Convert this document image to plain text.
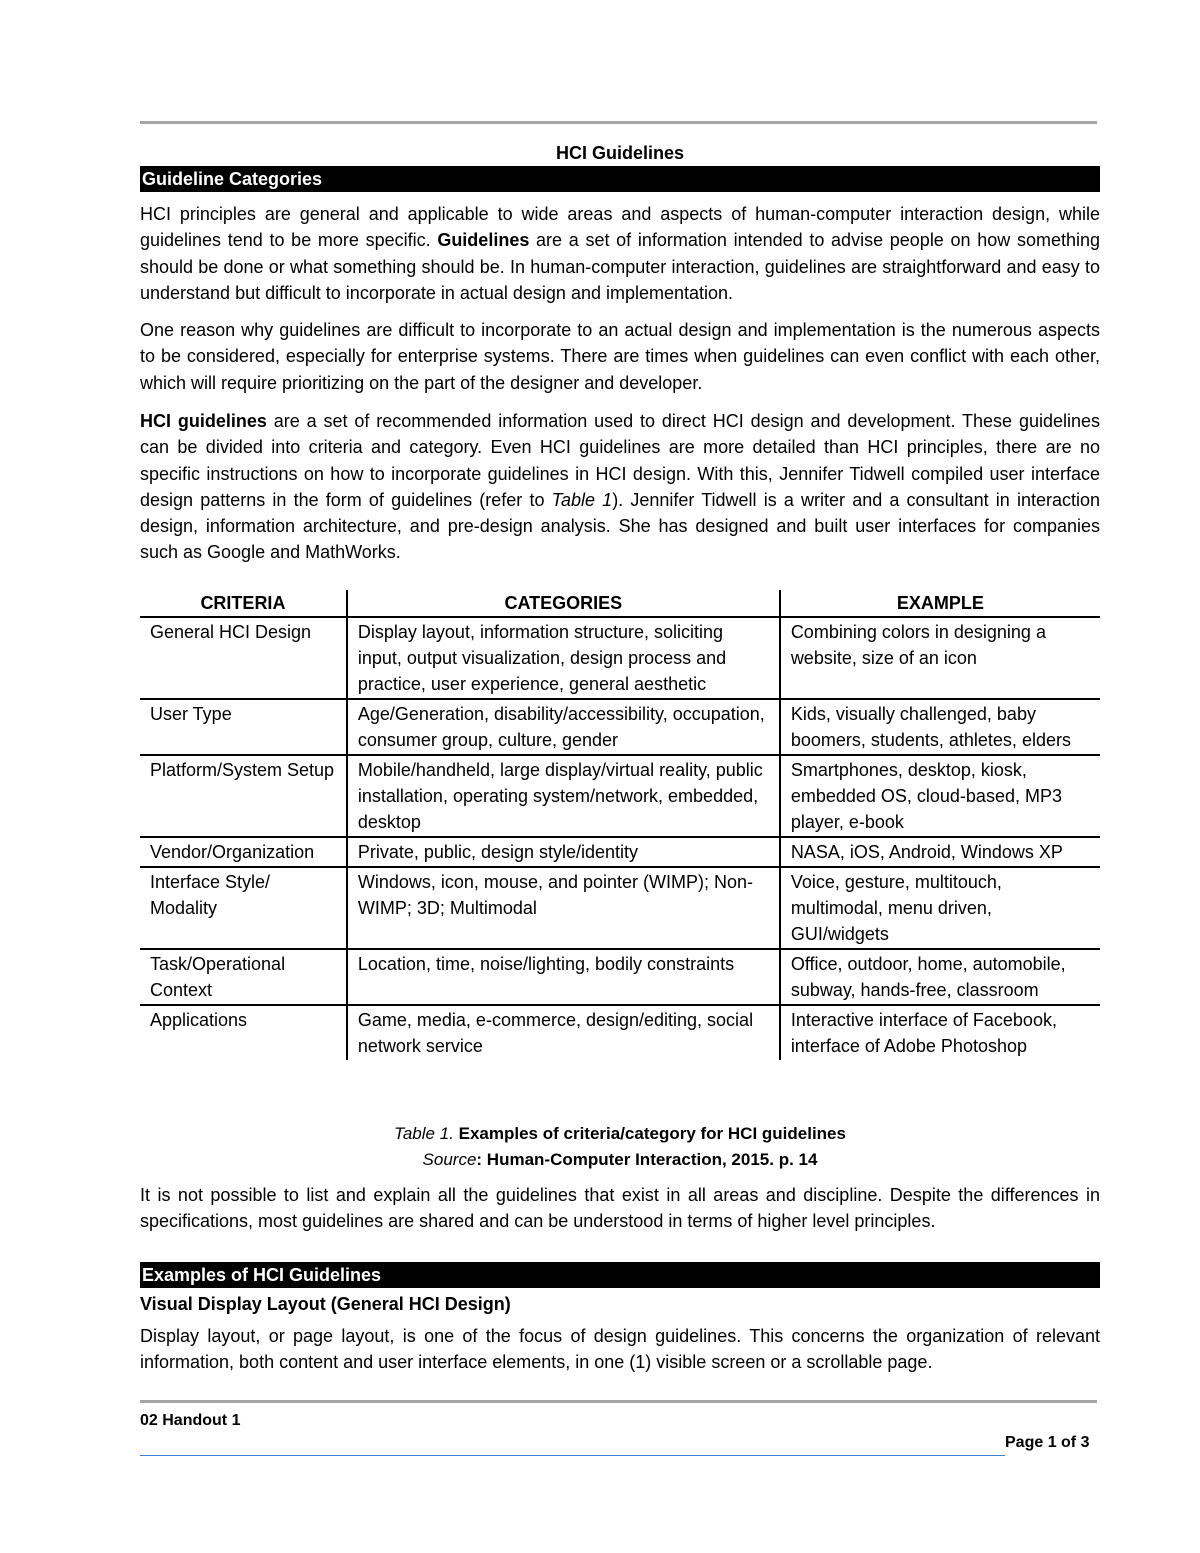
HCI Guidelines
Guideline Categories

HCI principles are general and applicable to wide areas and aspects of human-computer interaction design, while guidelines tend to be more specific. Guidelines are a set of information intended to advise people on how something should be done or what something should be. In human-computer interaction, guidelines are straightforward and easy to understand but difficult to incorporate in actual design and implementation.

One reason why guidelines are difficult to incorporate to an actual design and implementation is the numerous aspects to be considered, especially for enterprise systems. There are times when guidelines can even conflict with each other, which will require prioritizing on the part of the designer and developer.

HCI guidelines are a set of recommended information used to direct HCI design and development. These guidelines can be divided into criteria and category. Even HCI guidelines are more detailed than HCI principles, there are no specific instructions on how to incorporate guidelines in HCI design. With this, Jennifer Tidwell compiled user interface design patterns in the form of guidelines (refer to Table 1). Jennifer Tidwell is a writer and a consultant in interaction design, information architecture, and pre-design analysis. She has designed and built user interfaces for companies such as Google and MathWorks.

CRITERIA	CATEGORIES	EXAMPLE
General HCI Design	Display layout, information structure, soliciting input, output visualization, design process and practice, user experience, general aesthetic	Combining colors in designing a website, size of an icon
User Type	Age/Generation, disability/accessibility, occupation, consumer group, culture, gender	Kids, visually challenged, baby boomers, students, athletes, elders
Platform/System Setup	Mobile/handheld, large display/virtual reality, public installation, operating system/network, embedded, desktop	Smartphones, desktop, kiosk, embedded OS, cloud-based, MP3 player, e-book
Vendor/Organization	Private, public, design style/identity	NASA, iOS, Android, Windows XP
Interface Style/ Modality	Windows, icon, mouse, and pointer (WIMP); Non-WIMP; 3D; Multimodal	Voice, gesture, multitouch, multimodal, menu driven, GUI/widgets
Task/Operational Context	Location, time, noise/lighting, bodily constraints	Office, outdoor, home, automobile, subway, hands-free, classroom
Applications	Game, media, e-commerce, design/editing, social network service	Interactive interface of Facebook, interface of Adobe Photoshop
Table 1. Examples of criteria/category for HCI guidelines
Source: Human-Computer Interaction, 2015. p. 14

It is not possible to list and explain all the guidelines that exist in all areas and discipline. Despite the differences in specifications, most guidelines are shared and can be understood in terms of higher level principles.

Examples of HCI Guidelines
Visual Display Layout (General HCI Design)

Display layout, or page layout, is one of the focus of design guidelines. This concerns the organization of relevant information, both content and user interface elements, in one (1) visible screen or a scrollable page.

02 Handout 1
Page 1 of 3
